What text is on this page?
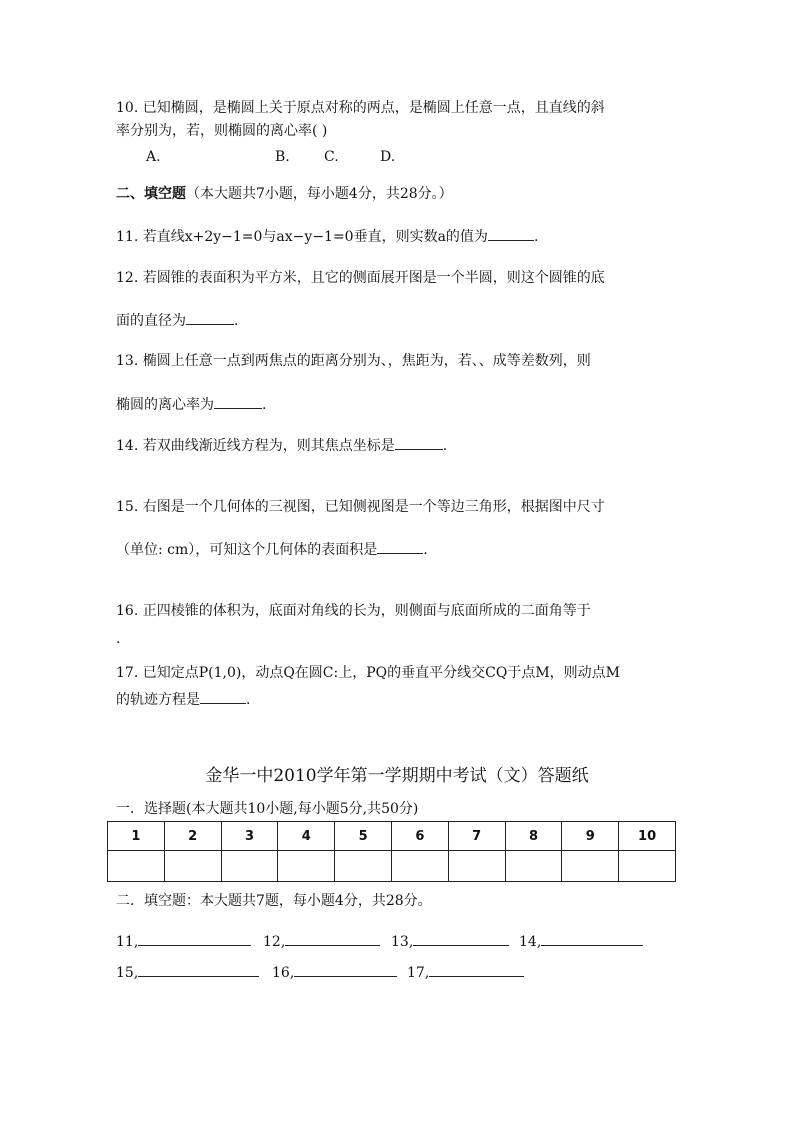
10. 已知椭圆，是椭圆上关于原点对称的两点，是椭圆上任意一点，且直线的斜
率分别为，若，则椭圆的离心率( )
A.	B. C.	D.
二、填空题（本大题共7小题，每小题4分，共28分。）
11. 若直线x+2y−1=0与ax−y−1=0垂直，则实数a的值为	.
12. 若圆锥的表面积为平方米，且它的侧面展开图是一个半圆，则这个圆锥的底
面的直径为	.
13. 椭圆上任意一点到两焦点的距离分别为、，焦距为，若、、成等差数列，则
椭圆的离心率为	.
14. 若双曲线渐近线方程为，则其焦点坐标是	.
15. 右图是一个几何体的三视图，已知侧视图是一个等边三角形，根据图中尺寸
（单位: cm），可知这个几何体的表面积是	.
16. 正四棱锥的体积为，底面对角线的长为，则侧面与底面所成的二面角等于
.
17. 已知定点P(1,0)，动点Q在圆C:上，PQ的垂直平分线交CQ于点M，则动点M
的轨迹方程是	.
金华一中2010学年第一学期期中考试（文）答题纸
一．选择题(本大题共10小题,每小题5分,共50分)
1	2	3	4	5	6	7	8	9	10

二．填空题：本大题共7题，每小题4分，共28分。
11,	12,	13,	14,
15,	16,	17,
